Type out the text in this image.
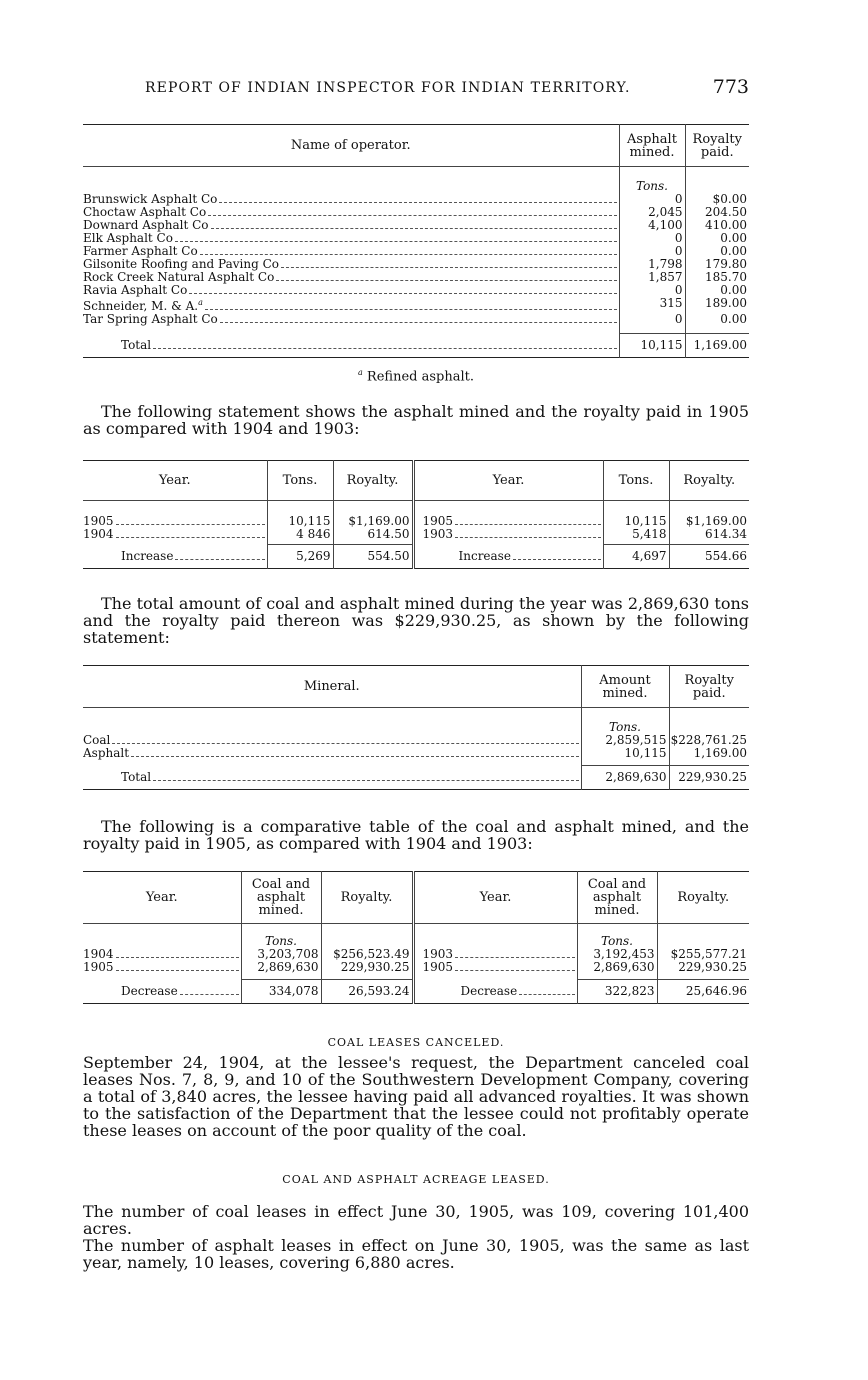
REPORT OF INDIAN INSPECTOR FOR INDIAN TERRITORY.	773
Name of operator.	Asphalt mined.	Royalty paid.
	Tons.	

Brunswick Asphalt Co	0	$0.00

Choctaw Asphalt Co	2,045	204.50

Downard Asphalt Co	4,100	410.00

Elk Asphalt Co	0	0.00

Farmer Asphalt Co	0	0.00

Gilsonite Roofing and Paving Co	1,798	179.80

Rock Creek Natural Asphalt Co	1,857	185.70

Ravia Asphalt Co	0	0.00

Schneider, M. & A.$^a$	315	189.00

Tar Spring Asphalt Co	0	0.00

Total	10,115	1,169.00

$^a$ Refined asphalt.

The following statement shows the asphalt mined and the royalty paid in 1905 as compared with 1904 and 1903:

Year.	Tons.	Royalty.	Year.	Tons.	Royalty.

1905	10,115	$1,169.00	1905	10,115	$1,169.00

1904	4 846	614.50	1903	5,418	614.34

Increase	5,269	554.50	Increase	4,697	554.66

The total amount of coal and asphalt mined during the year was 2,869,630 tons and the royalty paid thereon was $229,930.25, as shown by the following statement:

Mineral.	Amount mined.	Royalty paid.
	Tons.	

Coal	2,859,515	$228,761.25

Asphalt	10,115	1,169.00

Total	2,869,630	229,930.25

The following is a comparative table of the coal and asphalt mined, and the royalty paid in 1905, as compared with 1904 and 1903:

Year.	Coal and asphalt mined.	Royalty.	Year.	Coal and asphalt mined.	Royalty.
	Tons.			Tons.	

1904	3,203,708	$256,523.49	1903	3,192,453	$255,577.21

1905	2,869,630	229,930.25	1905	2,869,630	229,930.25

Decrease	334,078	26,593.24	Decrease	322,823	25,646.96

COAL LEASES CANCELED.

September 24, 1904, at the lessee's request, the Department canceled coal leases Nos. 7, 8, 9, and 10 of the Southwestern Development Company, covering a total of 3,840 acres, the lessee having paid all advanced royalties. It was shown to the satisfaction of the Department that the lessee could not profitably operate these leases on account of the poor quality of the coal.

COAL AND ASPHALT ACREAGE LEASED.

The number of coal leases in effect June 30, 1905, was 109, covering 101,400 acres.

The number of asphalt leases in effect on June 30, 1905, was the same as last year, namely, 10 leases, covering 6,880 acres.
